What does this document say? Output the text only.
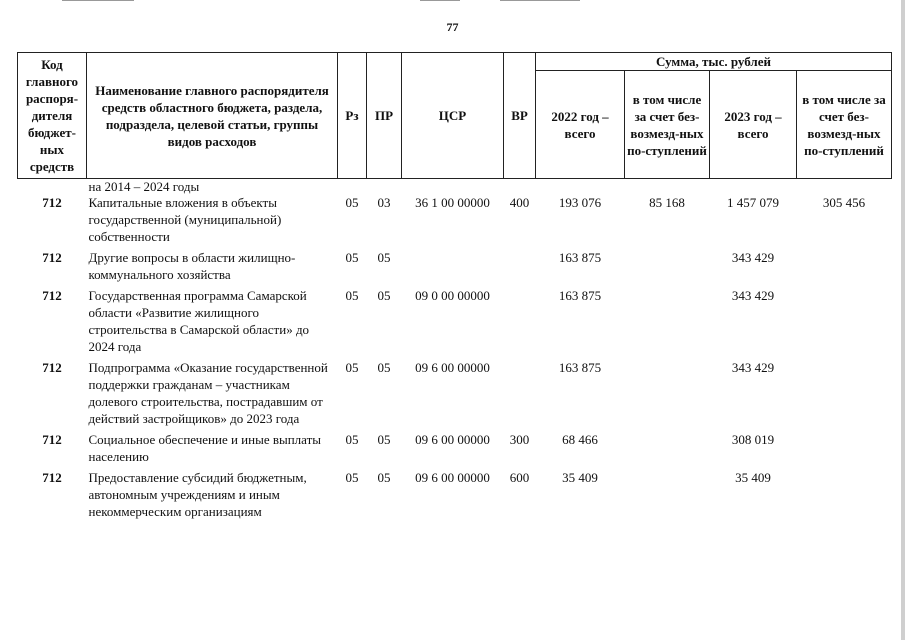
77
Код главного распоря-дителя бюджет-ных средств	Наименование главного распорядителя средств областного бюджета, раздела, подраздела, целевой статьи, группы видов расходов	Рз	ПР	ЦСР	ВР	Сумма, тыс. рублей			
						2022 год – всего	в том числе за счет без-возмезд-ных по-ступлений	2023 год – всего	в том числе за счет без-возмезд-ных по-ступлений
	на 2014 – 2024 годы								
712	Капитальные вложения в объекты государственной (муниципальной) собственности	05	03	36 1 00 00000	400	193 076	85 168	1 457 079	305 456
712	Другие вопросы в области жилищно-коммунального хозяйства	05	05			163 875		343 429	
712	Государственная программа Самарской области «Развитие жилищного строительства в Самарской области» до 2024 года	05	05	09 0 00 00000		163 875		343 429	
712	Подпрограмма «Оказание государственной поддержки гражданам – участникам долевого строительства, пострадавшим от действий застройщиков» до 2023 года	05	05	09 6 00 00000		163 875		343 429	
712	Социальное обеспечение и иные выплаты населению	05	05	09 6 00 00000	300	68 466		308 019	
712	Предоставление субсидий бюджетным, автономным учреждениям и иным некоммерческим организациям	05	05	09 6 00 00000	600	35 409		35 409	
